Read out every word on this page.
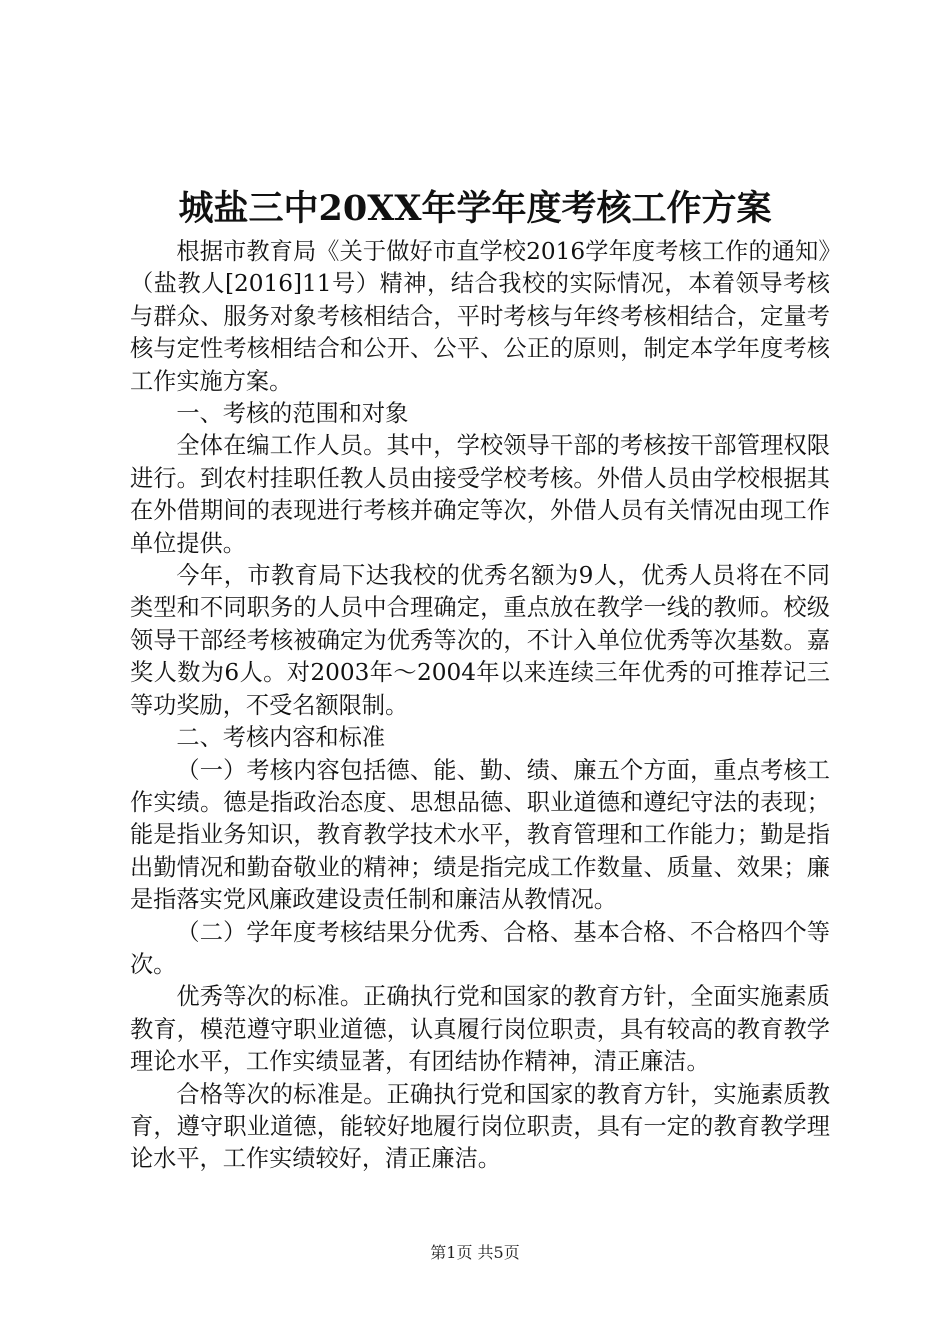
城盐三中20XX年学年度考核工作方案

根据市教育局《关于做好市直学校2016学年度考核工作的通知》（盐教人[2016]11号）精神，结合我校的实际情况，本着领导考核与群众、服务对象考核相结合，平时考核与年终考核相结合，定量考核与定性考核相结合和公开、公平、公正的原则，制定本学年度考核工作实施方案。

一、考核的范围和对象

全体在编工作人员。其中，学校领导干部的考核按干部管理权限进行。到农村挂职任教人员由接受学校考核。外借人员由学校根据其在外借期间的表现进行考核并确定等次，外借人员有关情况由现工作单位提供。

今年，市教育局下达我校的优秀名额为9人，优秀人员将在不同类型和不同职务的人员中合理确定，重点放在教学一线的教师。校级领导干部经考核被确定为优秀等次的，不计入单位优秀等次基数。嘉奖人数为6人。对2003年～2004年以来连续三年优秀的可推荐记三等功奖励，不受名额限制。

二、考核内容和标准

（一）考核内容包括德、能、勤、绩、廉五个方面，重点考核工作实绩。德是指政治态度、思想品德、职业道德和遵纪守法的表现；能是指业务知识，教育教学技术水平，教育管理和工作能力；勤是指出勤情况和勤奋敬业的精神；绩是指完成工作数量、质量、效果；廉是指落实党风廉政建设责任制和廉洁从教情况。

（二）学年度考核结果分优秀、合格、基本合格、不合格四个等次。

优秀等次的标准。正确执行党和国家的教育方针，全面实施素质教育，模范遵守职业道德，认真履行岗位职责，具有较高的教育教学理论水平，工作实绩显著，有团结协作精神，清正廉洁。

合格等次的标准是。正确执行党和国家的教育方针，实施素质教育，遵守职业道德，能较好地履行岗位职责，具有一定的教育教学理论水平，工作实绩较好，清正廉洁。

第1页 共5页
